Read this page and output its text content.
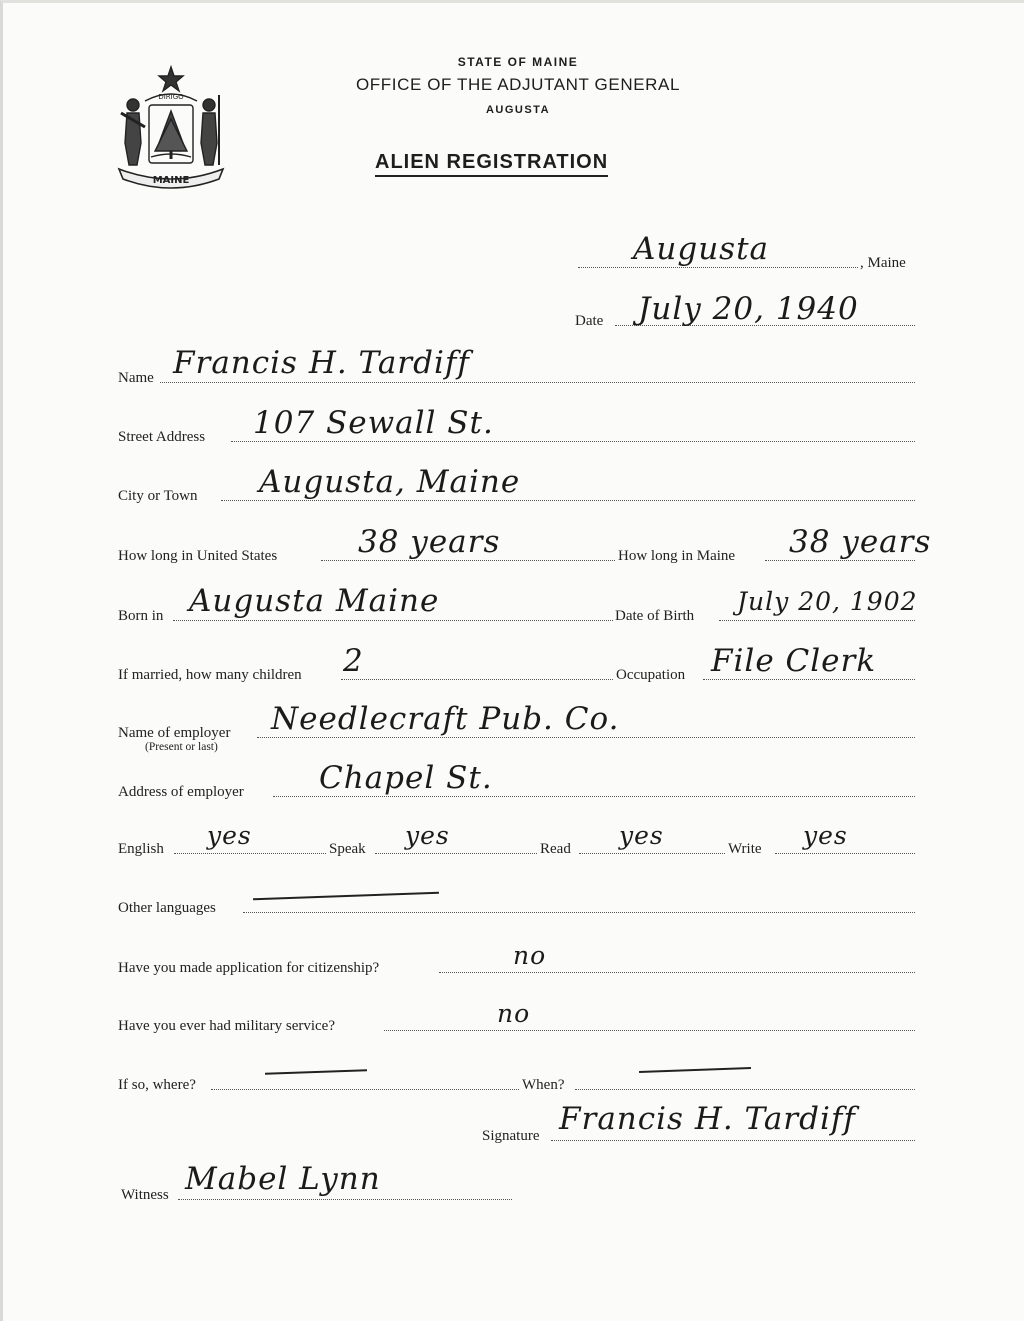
DIRIGO
MAINE
STATE OF MAINE
OFFICE OF THE ADJUTANT GENERAL
AUGUSTA
ALIEN REGISTRATION
Augusta	, Maine
Date July 20, 1940
Name Francis H. Tardiff
Street Address 107 Sewall St.
City or Town Augusta, Maine
How long in United States	38 years	How long in Maine 38 years
Born in Augusta Maine	Date of Birth July 20, 1902
If married, how many children 2	Occupation File Clerk
Name of employer
(Present or last)
Needlecraft Pub. Co.
Address of employer Chapel St.
English yes	Speak yes	Read yes	Write yes
Other languages
Have you made application for citizenship?	no
Have you ever had military service?	no
If so, where?	When?
Signature Francis H. Tardiff
Witness Mabel Lynn
